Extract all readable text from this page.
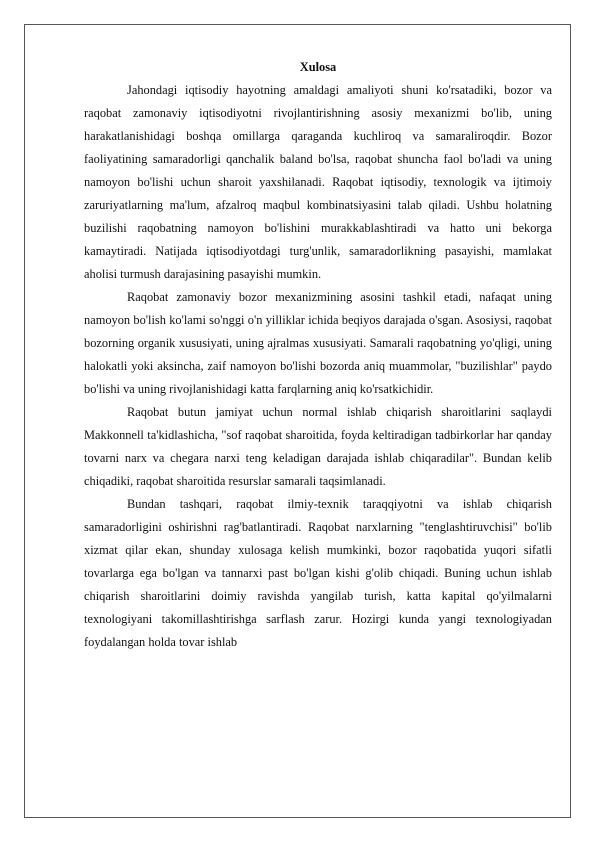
Xulosa

Jahondagi iqtisodiy hayotning amaldagi amaliyoti shuni ko'rsatadiki, bozor va raqobat zamonaviy iqtisodiyotni rivojlantirishning asosiy mexanizmi bo'lib, uning harakatlanishidagi boshqa omillarga qaraganda kuchliroq va samaraliroqdir. Bozor faoliyatining samaradorligi qanchalik baland bo'lsa, raqobat shuncha faol bo'ladi va uning namoyon bo'lishi uchun sharoit yaxshilanadi. Raqobat iqtisodiy, texnologik va ijtimoiy zaruriyatlarning ma'lum, afzalroq maqbul kombinatsiyasini talab qiladi. Ushbu holatning buzilishi raqobatning namoyon bo'lishini murakkablashtiradi va hatto uni bekorga kamaytiradi. Natijada iqtisodiyotdagi turg'unlik, samaradorlikning pasayishi, mamlakat aholisi turmush darajasining pasayishi mumkin.

Raqobat zamonaviy bozor mexanizmining asosini tashkil etadi, nafaqat uning namoyon bo'lish ko'lami so'nggi o'n yilliklar ichida beqiyos darajada o'sgan. Asosiysi, raqobat bozorning organik xususiyati, uning ajralmas xususiyati. Samarali raqobatning yo'qligi, uning halokatli yoki aksincha, zaif namoyon bo'lishi bozorda aniq muammolar, "buzilishlar" paydo bo'lishi va uning rivojlanishidagi katta farqlarning aniq ko'rsatkichidir.

Raqobat butun jamiyat uchun normal ishlab chiqarish sharoitlarini saqlaydi Makkonnell ta'kidlashicha, "sof raqobat sharoitida, foyda keltiradigan tadbirkorlar har qanday tovarni narx va chegara narxi teng keladigan darajada ishlab chiqaradilar". Bundan kelib chiqadiki, raqobat sharoitida resurslar samarali taqsimlanadi.

Bundan tashqari, raqobat ilmiy-texnik taraqqiyotni va ishlab chiqarish samaradorligini oshirishni rag'batlantiradi. Raqobat narxlarning "tenglashtiruvchisi" bo'lib xizmat qilar ekan, shunday xulosaga kelish mumkinki, bozor raqobatida yuqori sifatli tovarlarga ega bo'lgan va tannarxi past bo'lgan kishi g'olib chiqadi. Buning uchun ishlab chiqarish sharoitlarini doimiy ravishda yangilab turish, katta kapital qo'yilmalarni texnologiyani takomillashtirishga sarflash zarur. Hozirgi kunda yangi texnologiyadan foydalangan holda tovar ishlab
